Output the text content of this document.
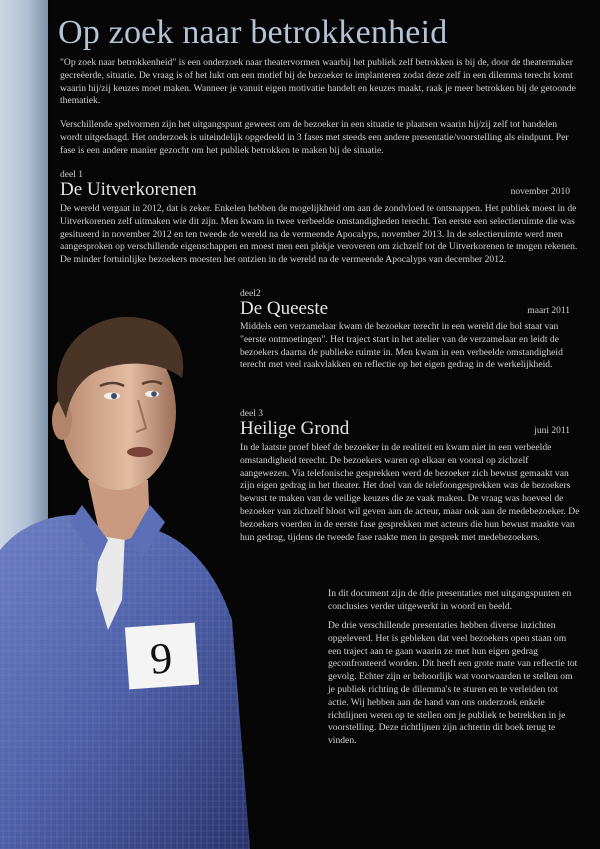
9
Op zoek naar betrokkenheid

"Op zoek naar betrokkenheid" is een onderzoek naar theatervormen waarbij het publiek zelf betrokken is bij de, door de theatermaker gecreëerde, situatie. De vraag is of het lukt om een motief bij de bezoeker te implanteren zodat deze zelf in een dilemma terecht komt waarin hij/zij keuzes moet maken. Wanneer je vanuit eigen motivatie handelt en keuzes maakt, raak je meer betrokken bij de getoonde thematiek.

Verschillende spelvormen zijn het uitgangspunt geweest om de bezoeker in een situatie te plaatsen waarin hij/zij zelf tot handelen wordt uitgedaagd. Het onderzoek is uiteindelijk opgedeeld in 3 fases met steeds een andere presentatie/voorstelling als eindpunt. Per fase is een andere manier gezocht om het publiek betrokken te maken bij de situatie.

deel 1

De Uitverkorenen	november 2010

De wereld vergaat in 2012, dat is zeker. Enkelen hebben de mogelijkheid om aan de zondvloed te ontsnappen. Het publiek moest in de Uitverkorenen zelf uitmaken wie dit zijn. Men kwam in twee verbeelde omstandigheden terecht. Ten eerste een selectieruimte die was gesitueerd in november 2012 en ten tweede de wereld na de vermeende Apocalyps, november 2013. In de selectieruimte werd men aangesproken op verschillende eigenschappen en moest men een plekje veroveren om zichzelf tot de Uitverkorenen te mogen rekenen. De minder fortuinlijke bezoekers moesten het ontzien in de wereld na de vermeende Apocalyps van december 2012.

deel2

De Queeste	maart 2011

Middels een verzamelaar kwam de bezoeker terecht in een wereld die bol staat van "eerste ontmoetingen". Het traject start in het atelier van de verzamelaar en leidt de bezoekers daarna de publieke ruimte in. Men kwam in een verbeelde omstandigheid terecht met veel raakvlakken en reflectie op het eigen gedrag in de werkelijkheid.

deel 3

Heilige Grond	juni 2011

In de laatste proef bleef de bezoeker in de realiteit en kwam niet in een verbeelde omstandigheid terecht. De bezoekers waren op elkaar en vooral op zichzelf aangewezen. Via telefonische gesprekken werd de bezoeker zich bewust gemaakt van zijn eigen gedrag in het theater. Het doel van de telefoongesprekken was de bezoekers bewust te maken van de veilige keuzes die ze vaak maken. De vraag was hoeveel de bezoeker van zichzelf bloot wil geven aan de acteur, maar ook aan de medebezoeker. De bezoekers voerden in de eerste fase gesprekken met acteurs die hun bewust maakte van hun gedrag, tijdens de tweede fase raakte men in gesprek met medebezoekers.

In dit document zijn de drie presentaties met uitgangspunten en conclusies verder uitgewerkt in woord en beeld.

De drie verschillende presentaties hebben diverse inzichten opgeleverd. Het is gebleken dat veel bezoekers open staan om een traject aan te gaan waarin ze met hun eigen gedrag geconfronteerd worden. Dit heeft een grote mate van reflectie tot gevolg. Echter zijn er behoorlijk wat voorwaarden te stellen om je publiek richting de dilemma's te sturen en te verleiden tot actie. Wij hebben aan de hand van ons onderzoek enkele richtlijnen weten op te stellen om je publiek te betrekken in je voorstelling. Deze richtlijnen zijn achterin dit boek terug te vinden.
